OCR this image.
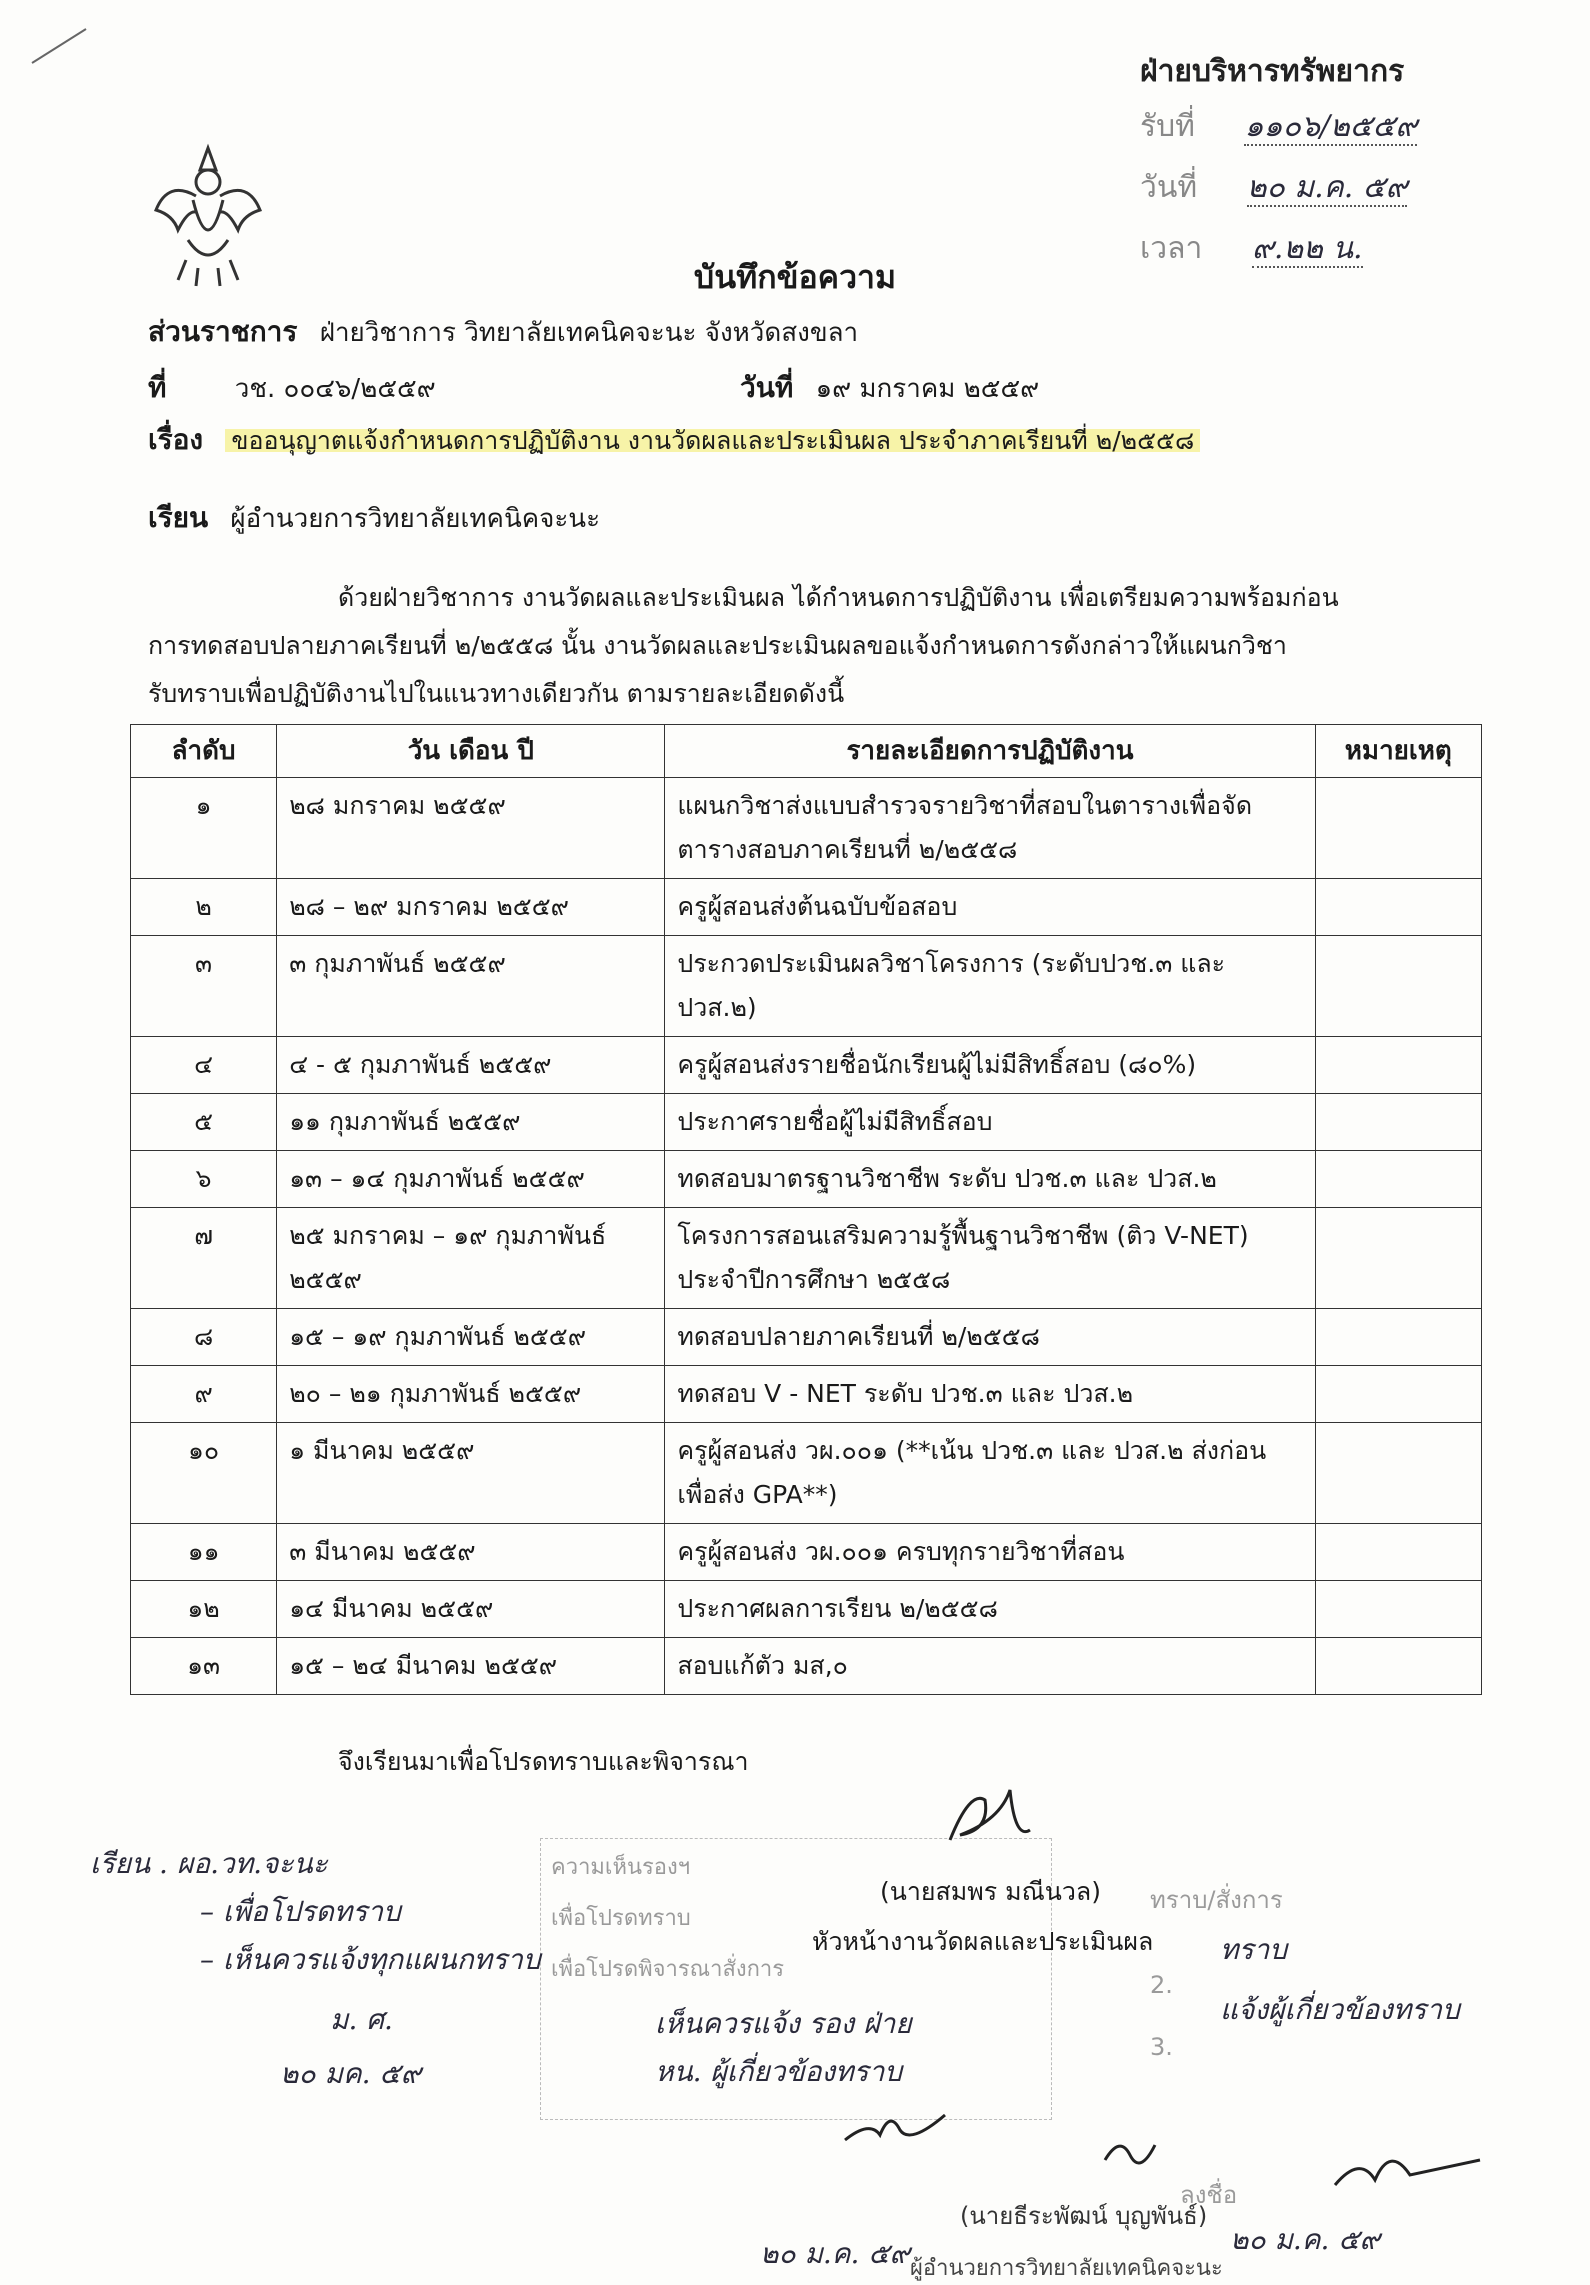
ฝ่ายบริหารทรัพยากร
รับที่ ๑๑๐๖/๒๕๕๙
วันที่ ๒๐ ม.ค. ๕๙
เวลา ๙.๒๒ น.
บันทึกข้อความ
ส่วนราชการ ฝ่ายวิชาการ วิทยาลัยเทคนิคจะนะ จังหวัดสงขลา
ที่	วช. ๐๐๔๖/๒๕๕๙	วันที่ ๑๙ มกราคม ๒๕๕๙
เรื่อง ขออนุญาตแจ้งกำหนดการปฏิบัติงาน งานวัดผลและประเมินผล ประจำภาคเรียนที่ ๒/๒๕๕๘
เรียน ผู้อำนวยการวิทยาลัยเทคนิคจะนะ
ด้วยฝ่ายวิชาการ งานวัดผลและประเมินผล ได้กำหนดการปฏิบัติงาน เพื่อเตรียมความพร้อมก่อน
การทดสอบปลายภาคเรียนที่ ๒/๒๕๕๘ นั้น งานวัดผลและประเมินผลขอแจ้งกำหนดการดังกล่าวให้แผนกวิชา
รับทราบเพื่อปฏิบัติงานไปในแนวทางเดียวกัน ตามรายละเอียดดังนี้
ลำดับ	วัน เดือน ปี	รายละเอียดการปฏิบัติงาน	หมายเหตุ
๑	๒๘ มกราคม ๒๕๕๙	แผนกวิชาส่งแบบสำรวจรายวิชาที่สอบในตารางเพื่อจัดตารางสอบภาคเรียนที่ ๒/๒๕๕๘	
๒	๒๘ – ๒๙ มกราคม ๒๕๕๙	ครูผู้สอนส่งต้นฉบับข้อสอบ	
๓	๓ กุมภาพันธ์ ๒๕๕๙	ประกวดประเมินผลวิชาโครงการ (ระดับปวช.๓ และปวส.๒)	
๔	๔ - ๕ กุมภาพันธ์ ๒๕๕๙	ครูผู้สอนส่งรายชื่อนักเรียนผู้ไม่มีสิทธิ์สอบ (๘๐%)	
๕	๑๑ กุมภาพันธ์ ๒๕๕๙	ประกาศรายชื่อผู้ไม่มีสิทธิ์สอบ	
๖	๑๓ – ๑๔ กุมภาพันธ์ ๒๕๕๙	ทดสอบมาตรฐานวิชาชีพ ระดับ ปวช.๓ และ ปวส.๒	
๗	๒๕ มกราคม – ๑๙ กุมภาพันธ์ ๒๕๕๙	โครงการสอนเสริมความรู้พื้นฐานวิชาชีพ (ติว V-NET) ประจำปีการศึกษา ๒๕๕๘	
๘	๑๕ – ๑๙ กุมภาพันธ์ ๒๕๕๙	ทดสอบปลายภาคเรียนที่ ๒/๒๕๕๘	
๙	๒๐ – ๒๑ กุมภาพันธ์ ๒๕๕๙	ทดสอบ V - NET ระดับ ปวช.๓ และ ปวส.๒	
๑๐	๑ มีนาคม ๒๕๕๙	ครูผู้สอนส่ง วผ.๐๐๑ (**เน้น ปวช.๓ และ ปวส.๒ ส่งก่อน เพื่อส่ง GPA**)	
๑๑	๓ มีนาคม ๒๕๕๙	ครูผู้สอนส่ง วผ.๐๐๑ ครบทุกรายวิชาที่สอน	
๑๒	๑๔ มีนาคม ๒๕๕๙	ประกาศผลการเรียน ๒/๒๕๕๘	
๑๓	๑๕ – ๒๔ มีนาคม ๒๕๕๙	สอบแก้ตัว มส,๐	
จึงเรียนมาเพื่อโปรดทราบและพิจารณา
ความเห็นรองฯ
เพื่อโปรดทราบ
เพื่อโปรดพิจารณาสั่งการ
ทราบ/สั่งการ
2.
3.
ลงชื่อ
(นายสมพร มณีนวล)
หัวหน้างานวัดผลและประเมินผล
เรียน . ผอ.วท.จะนะ
– เพื่อโปรดทราบ
– เห็นควรแจ้งทุกแผนกทราบ
ม. ศ.
๒๐ มค. ๕๙
เห็นควรแจ้ง รอง ฝ่าย
หน. ผู้เกี่ยวข้องทราบ
๒๐ ม.ค. ๕๙
ทราบ
แจ้งผู้เกี่ยวข้องทราบ
๒๐ ม.ค. ๕๙
(นายธีระพัฒน์ บุญพันธ์)
ผู้อำนวยการวิทยาลัยเทคนิคจะนะ
